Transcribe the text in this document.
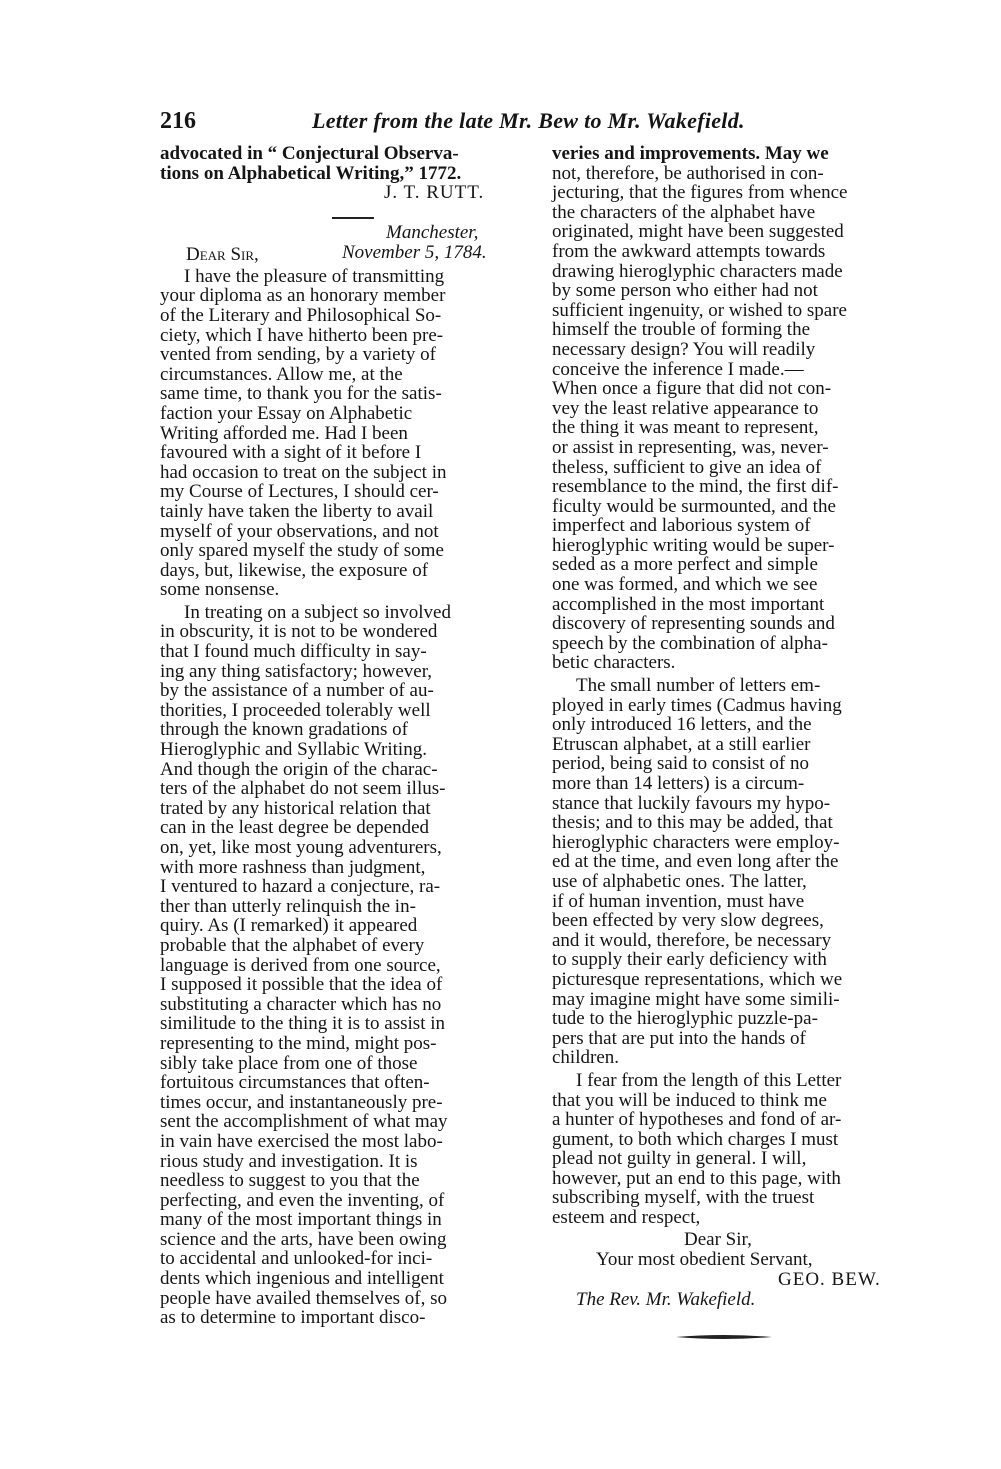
216	Letter from the late Mr. Bew to Mr. Wakefield.
advocated in “ Conjectural Observa-
tions on Alphabetical Writing,” 1772.
J. T. RUTT.
Manchester,
Dear Sir,	November 5, 1784.
I have the pleasure of transmitting
your diploma as an honorary member
of the Literary and Philosophical So-
ciety, which I have hitherto been pre-
vented from sending, by a variety of
circumstances. Allow me, at the
same time, to thank you for the satis-
faction your Essay on Alphabetic
Writing afforded me. Had I been
favoured with a sight of it before I
had occasion to treat on the subject in
my Course of Lectures, I should cer-
tainly have taken the liberty to avail
myself of your observations, and not
only spared myself the study of some
days, but, likewise, the exposure of
some nonsense.
In treating on a subject so involved
in obscurity, it is not to be wondered
that I found much difficulty in say-
ing any thing satisfactory; however,
by the assistance of a number of au-
thorities, I proceeded tolerably well
through the known gradations of
Hieroglyphic and Syllabic Writing.
And though the origin of the charac-
ters of the alphabet do not seem illus-
trated by any historical relation that
can in the least degree be depended
on, yet, like most young adventurers,
with more rashness than judgment,
I ventured to hazard a conjecture, ra-
ther than utterly relinquish the in-
quiry. As (I remarked) it appeared
probable that the alphabet of every
language is derived from one source,
I supposed it possible that the idea of
substituting a character which has no
similitude to the thing it is to assist in
representing to the mind, might pos-
sibly take place from one of those
fortuitous circumstances that often-
times occur, and instantaneously pre-
sent the accomplishment of what may
in vain have exercised the most labo-
rious study and investigation. It is
needless to suggest to you that the
perfecting, and even the inventing, of
many of the most important things in
science and the arts, have been owing
to accidental and unlooked-for inci-
dents which ingenious and intelligent
people have availed themselves of, so
as to determine to important disco-
veries and improvements. May we
not, therefore, be authorised in con-
jecturing, that the figures from whence
the characters of the alphabet have
originated, might have been suggested
from the awkward attempts towards
drawing hieroglyphic characters made
by some person who either had not
sufficient ingenuity, or wished to spare
himself the trouble of forming the
necessary design? You will readily
conceive the inference I made.—
When once a figure that did not con-
vey the least relative appearance to
the thing it was meant to represent,
or assist in representing, was, never-
theless, sufficient to give an idea of
resemblance to the mind, the first dif-
ficulty would be surmounted, and the
imperfect and laborious system of
hieroglyphic writing would be super-
seded as a more perfect and simple
one was formed, and which we see
accomplished in the most important
discovery of representing sounds and
speech by the combination of alpha-
betic characters.
The small number of letters em-
ployed in early times (Cadmus having
only introduced 16 letters, and the
Etruscan alphabet, at a still earlier
period, being said to consist of no
more than 14 letters) is a circum-
stance that luckily favours my hypo-
thesis; and to this may be added, that
hieroglyphic characters were employ-
ed at the time, and even long after the
use of alphabetic ones. The latter,
if of human invention, must have
been effected by very slow degrees,
and it would, therefore, be necessary
to supply their early deficiency with
picturesque representations, which we
may imagine might have some simili-
tude to the hieroglyphic puzzle-pa-
pers that are put into the hands of
children.
I fear from the length of this Letter
that you will be induced to think me
a hunter of hypotheses and fond of ar-
gument, to both which charges I must
plead not guilty in general. I will,
however, put an end to this page, with
subscribing myself, with the truest
esteem and respect,
Dear Sir,
Your most obedient Servant,
GEO. BEW.
The Rev. Mr. Wakefield.
